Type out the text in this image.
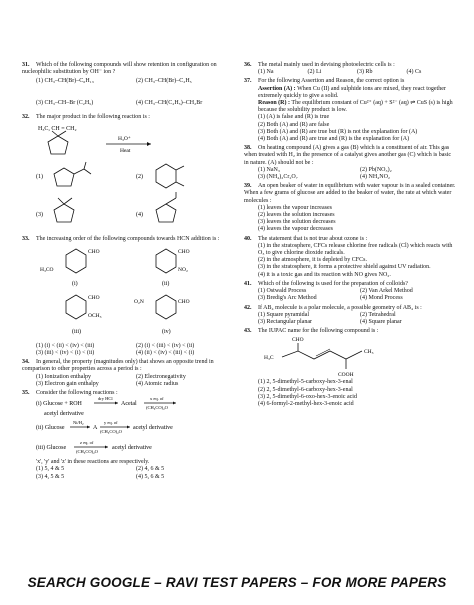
31. Which of the following compounds will show retention in configuration on nucleophilic substitution by OH⁻ ion ?
(1) CH₃–CH(Br)–C₆H₁₃	(2) CH₃–CH(Br)–C₂H₅
(3) CH₃–CH–Br (C₂H₅)	(4) CH₃–CH(C₂H₅)–CH₂Br
32. The major product in the following reaction is :
H₃C, CH = CH₂
H₃O⁺
Heat
(1)	(2)
(3)	(4)
33. The increasing order of the following compounds towards HCN addition is :
CHO
H₃CO
(i)
CHO
NO₂
(ii)
CHO
OCH₃
(iii)
CHO
O₂N
(iv)
(1) (i) < (ii) < (iv) < (iii)	(2) (i) < (iii) < (iv) < (ii)
(3) (iii) < (iv) < (i) < (ii)	(4) (ii) < (iv) < (iii) < (i)
34. In general, the property (magnitudes only) that shows an opposite trend in comparison to other properties across a period is :
(1) Ionization enthalpy	(2) Electronegativity
(3) Electron gain enthalpy	(4) Atomic radius
35. Consider the following reactions :
(i) Glucose + ROH
dry HCl
Acetal
x eq. of
(CH₃CO)₂O
acetyl derivative
(ii) Glucose
Ni/H₂
A
y eq. of
(CH₃CO)₂O
acetyl derivative
(iii) Glucose
z eq. of
(CH₃CO)₂O
acetyl derivative
'x', 'y' and 'z' in these reactions are respectively.
(1) 5, 4 & 5	(2) 4, 6 & 5
(3) 4, 5 & 5	(4) 5, 6 & 5
36. The metal mainly used in devising photoelectric cells is :
(1) Na	(2) Li	(3) Rb	(4) Cs
37. For the following Assertion and Reason, the correct option is
Assertion (A) : When Cu (II) and sulphide ions are mixed, they react together extremely quickly to give a solid.
Reason (R) : The equilibrium constant of Cu²⁺ (aq) + S²⁻ (aq) ⇌ CuS (s) is high because the solubility product is low.
(1) (A) is false and (R) is true
(2) Both (A) and (R) are false
(3) Both (A) and (R) are true but (R) is not the explanation for (A)
(4) Both (A) and (R) are true and (R) is the explanation for (A)
38. On heating compound (A) gives a gas (B) which is a constituent of air. This gas when treated with H₂ in the presence of a catalyst gives another gas (C) which is basic in nature. (A) should not be :
(1) NaN₃	(2) Pb(NO₃)₂
(3) (NH₄)₂Cr₂O₇	(4) NH₄NO₂
39. An open beaker of water in equilibrium with water vapour is in a sealed container. When a few grams of glucose are added to the beaker of water, the rate at which water molecules :
(1) leaves the vapour increases
(2) leaves the solution increases
(3) leaves the solution decreases
(4) leaves the vapour decreases
40. The statement that is not true about ozone is :
(1) in the stratosphere, CFCs release chlorine free radicals (Cl) which reacts with O₃ to give chlorine dioxide radicals.
(2) in the atmosphere, it is depleted by CFCs.
(3) in the stratosphere, it forms a protective shield against UV radiation.
(4) it is a toxic gas and its reaction with NO gives NO₂.
41. Which of the following is used for the preparation of colloids?
(1) Ostwald Process	(2) Van Arkel Method
(3) Bredig's Arc Method	(4) Mond Process
42. If AB₄ molecule is a polar molecule, a possible geometry of AB₄ is :
(1) Square pyramidal	(2) Tetrahedral
(3) Rectangular planar	(4) Square planar
43. The IUPAC name for the following compound is :
CHO
H₃C
COOH
CH₃
(1) 2, 5-dimethyl-5-carboxy-hex-3-enal
(2) 2, 5-dimethyl-6-carboxy-hex-3-enal
(3) 2, 5-dimethyl-6-oxo-hex-3-enoic acid
(4) 6-formyl-2-methyl-hex-3-enoic acid
SEARCH GOOGLE – RAVI TEST PAPERS – FOR MORE PAPERS
